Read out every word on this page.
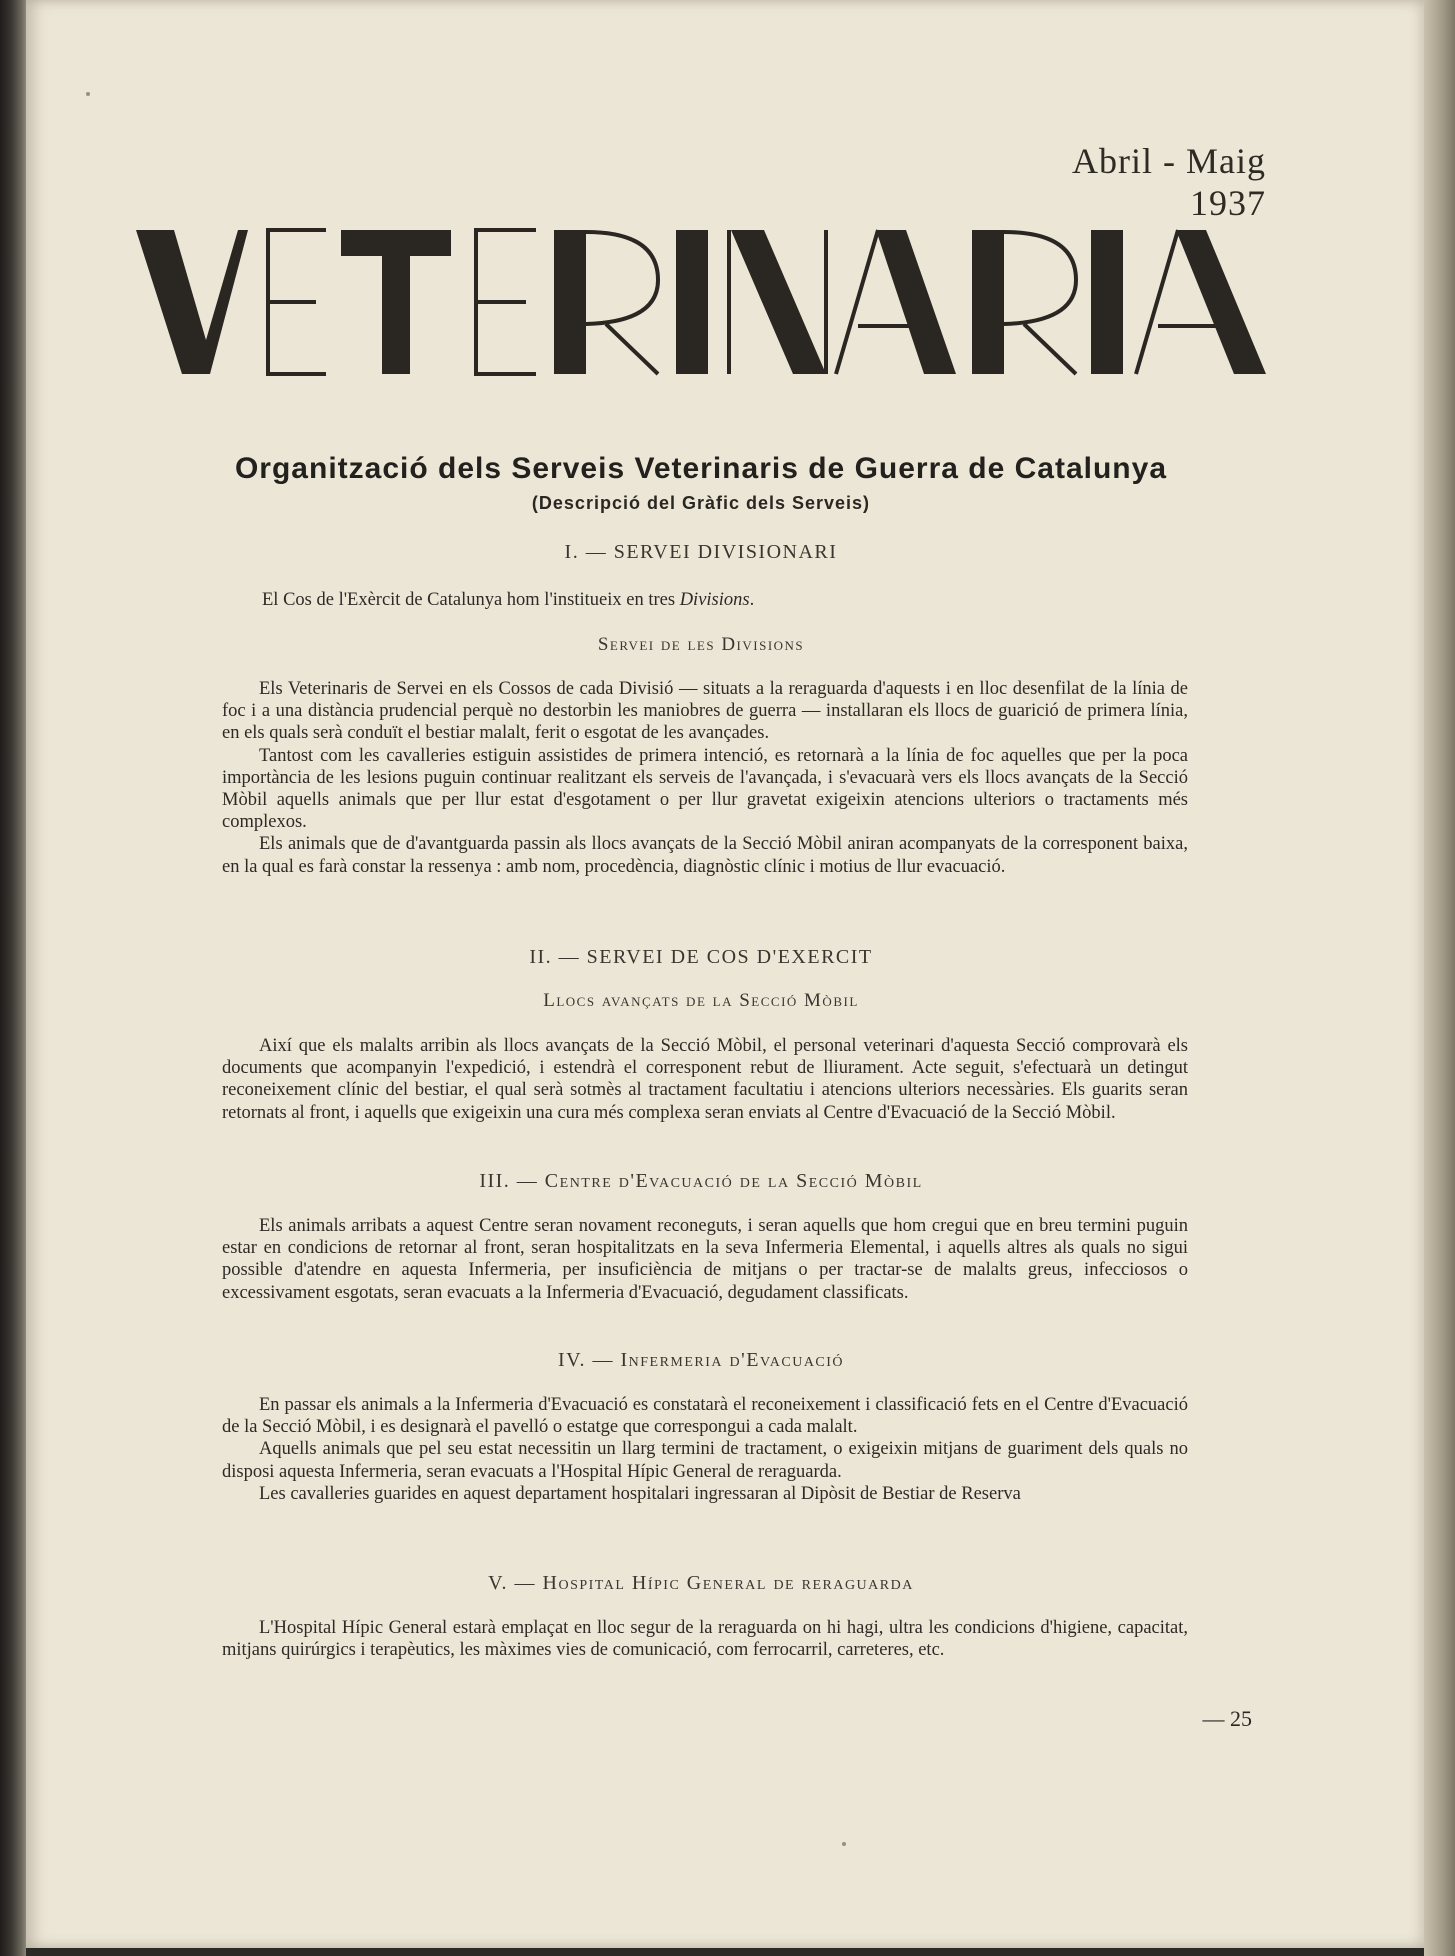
Abril - Maig 1937
VETERINARIA
Organització dels Serveis Veterinaris de Guerra de Catalunya
(Descripció del Gràfic dels Serveis)
I. — SERVEI DIVISIONARI

El Cos de l'Exèrcit de Catalunya hom l'institueix en tres Divisions.

Servei de les Divisions

Els Veterinaris de Servei en els Cossos de cada Divisió — situats a la reraguarda d'aquests i en lloc desenfilat de la línia de foc i a una distància prudencial perquè no destorbin les maniobres de guerra — installaran els llocs de guarició de primera línia, en els quals serà conduït el bestiar malalt, ferit o esgotat de les avançades.

Tantost com les cavalleries estiguin assistides de primera intenció, es retornarà a la línia de foc aquelles que per la poca importància de les lesions puguin continuar realitzant els serveis de l'avançada, i s'evacuarà vers els llocs avançats de la Secció Mòbil aquells animals que per llur estat d'esgotament o per llur gravetat exigeixin atencions ulteriors o tractaments més complexos.

Els animals que de d'avantguarda passin als llocs avançats de la Secció Mòbil aniran acompanyats de la corresponent baixa, en la qual es farà constar la ressenya : amb nom, procedència, diagnòstic clínic i motius de llur evacuació.

II. — SERVEI DE COS D'EXERCIT
Llocs avançats de la Secció Mòbil

Així que els malalts arribin als llocs avançats de la Secció Mòbil, el personal veterinari d'aquesta Secció comprovarà els documents que acompanyin l'expedició, i estendrà el corresponent rebut de lliurament. Acte seguit, s'efectuarà un detingut reconeixement clínic del bestiar, el qual serà sotmès al tractament facultatiu i atencions ulteriors necessàries. Els guarits seran retornats al front, i aquells que exigeixin una cura més complexa seran enviats al Centre d'Evacuació de la Secció Mòbil.

III. — Centre d'Evacuació de la Secció Mòbil

Els animals arribats a aquest Centre seran novament reconeguts, i seran aquells que hom cregui que en breu termini puguin estar en condicions de retornar al front, seran hospitalitzats en la seva Infermeria Elemental, i aquells altres als quals no sigui possible d'atendre en aquesta Infermeria, per insuficiència de mitjans o per tractar-se de malalts greus, infecciosos o excessivament esgotats, seran evacuats a la Infermeria d'Evacuació, degudament classificats.

IV. — Infermeria d'Evacuació

En passar els animals a la Infermeria d'Evacuació es constatarà el reconeixement i classificació fets en el Centre d'Evacuació de la Secció Mòbil, i es designarà el pavelló o estatge que correspongui a cada malalt.

Aquells animals que pel seu estat necessitin un llarg termini de tractament, o exigeixin mitjans de guariment dels quals no disposi aquesta Infermeria, seran evacuats a l'Hospital Hípic General de reraguarda.

Les cavalleries guarides en aquest departament hospitalari ingressaran al Dipòsit de Bestiar de Reserva

V. — Hospital Hípic General de reraguarda

L'Hospital Hípic General estarà emplaçat en lloc segur de la reraguarda on hi hagi, ultra les condicions d'higiene, capacitat, mitjans quirúrgics i terapèutics, les màximes vies de comunicació, com ferrocarril, carreteres, etc.

— 25
